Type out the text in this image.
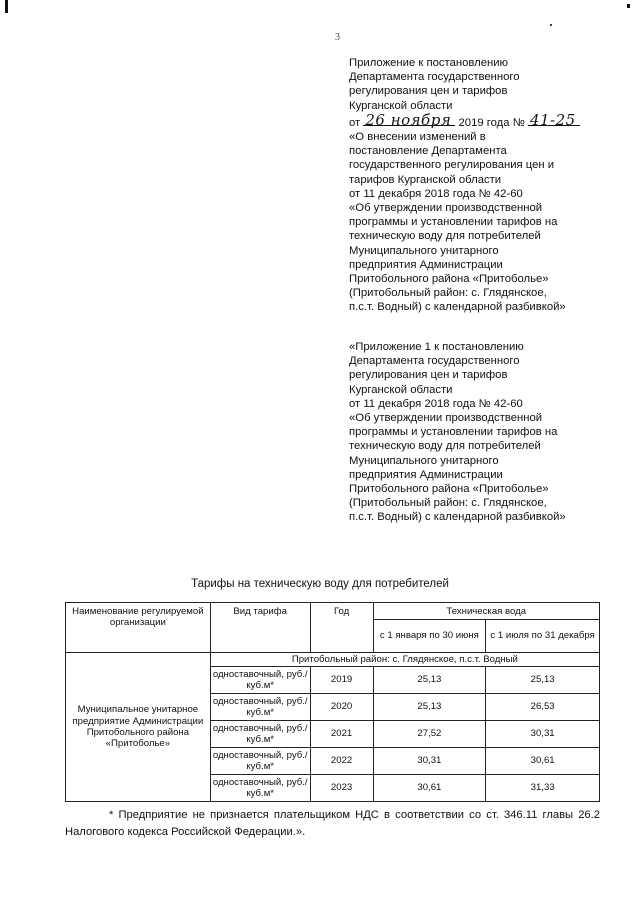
3
Приложение к постановлению
Департамента государственного
регулирования цен и тарифов
Курганской области
от 26 ноября 2019 года № 41-25
«О внесении изменений в
постановление Департамента
государственного регулирования цен и
тарифов Курганской области
от 11 декабря 2018 года № 42-60
«Об утверждении производственной
программы и установлении тарифов на
техническую воду для потребителей
Муниципального унитарного
предприятия Администрации
Притобольного района «Притоболье»
(Притобольный район: с. Глядянское,
п.с.т. Водный) с календарной разбивкой»
«Приложение 1 к постановлению
Департамента государственного
регулирования цен и тарифов
Курганской области
от 11 декабря 2018 года № 42-60
«Об утверждении производственной
программы и установлении тарифов на
техническую воду для потребителей
Муниципального унитарного
предприятия Администрации
Притобольного района «Притоболье»
(Притобольный район: с. Глядянское,
п.с.т. Водный) с календарной разбивкой»
Тарифы на техническую воду для потребителей
Наименование регулируемой организации	Вид тарифа	Год	Техническая вода	
			с 1 января по 30 июня	с 1 июля по 31 декабря
Муниципальное унитарное предприятие Администрации Притобольного района «Притоболье»	Притобольный район: с. Глядянское, п.с.т. Водный			
	одноставочный, руб./куб.м*	2019	25,13	25,13
	одноставочный, руб./куб.м*	2020	25,13	26,53
	одноставочный, руб./куб.м*	2021	27,52	30,31
	одноставочный, руб./куб.м*	2022	30,31	30,61
	одноставочный, руб./куб.м*	2023	30,61	31,33
* Предприятие не признается плательщиком НДС в соответствии со ст. 346.11 главы 26.2 Налогового кодекса Российской Федерации.».
